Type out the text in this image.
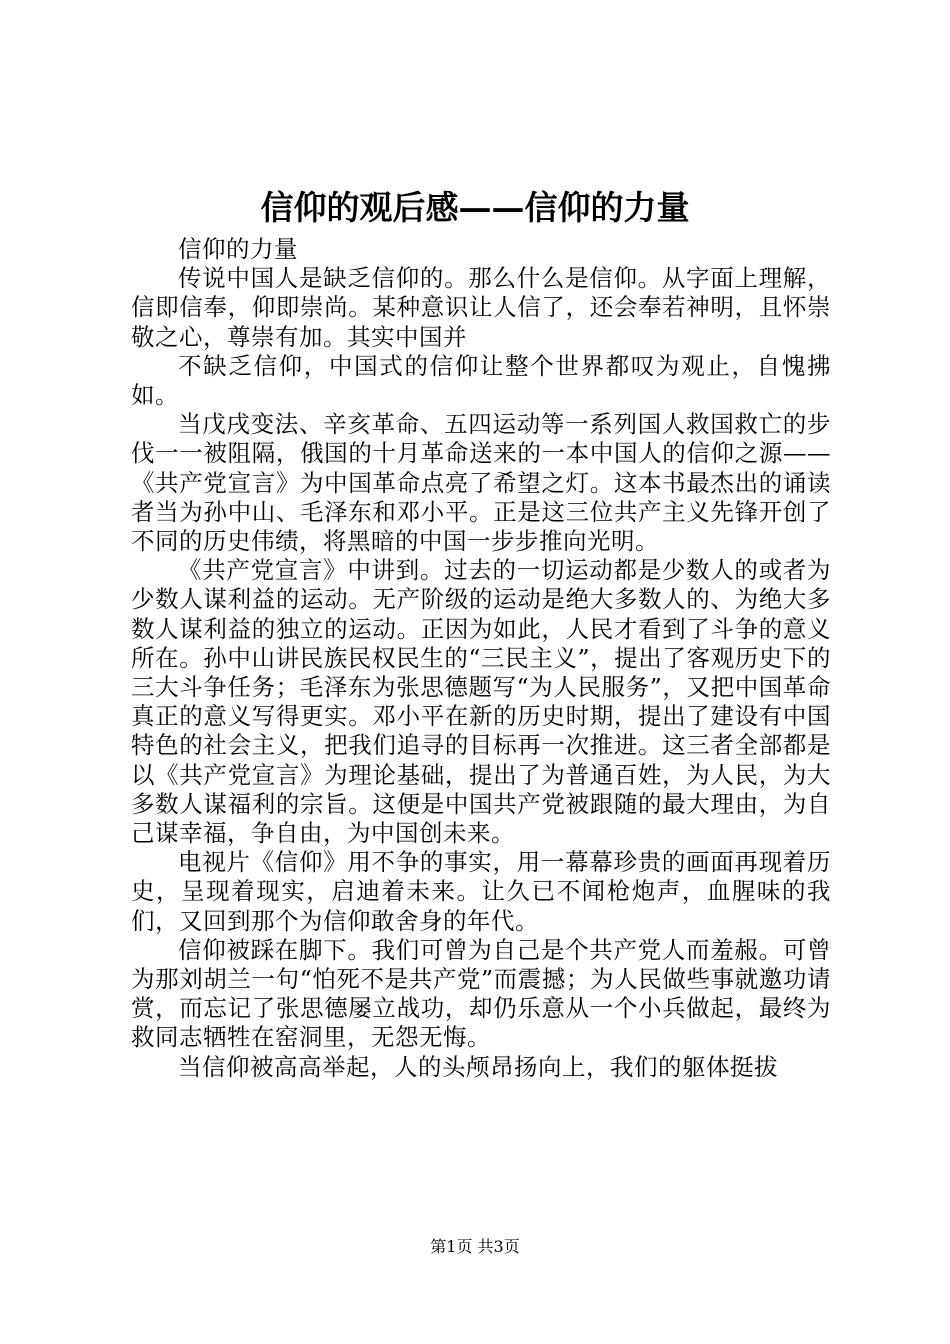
信仰的观后感——信仰的力量

信仰的力量

传说中国人是缺乏信仰的。那么什么是信仰。从字面上理解，信即信奉，仰即崇尚。某种意识让人信了，还会奉若神明，且怀崇敬之心，尊崇有加。其实中国并

不缺乏信仰，中国式的信仰让整个世界都叹为观止，自愧拂如。

当戊戌变法、辛亥革命、五四运动等一系列国人救国救亡的步伐一一被阻隔，俄国的十月革命送来的一本中国人的信仰之源——《共产党宣言》为中国革命点亮了希望之灯。这本书最杰出的诵读者当为孙中山、毛泽东和邓小平。正是这三位共产主义先锋开创了不同的历史伟绩，将黑暗的中国一步步推向光明。

《共产党宣言》中讲到。过去的一切运动都是少数人的或者为少数人谋利益的运动。无产阶级的运动是绝大多数人的、为绝大多数人谋利益的独立的运动。正因为如此，人民才看到了斗争的意义所在。孙中山讲民族民权民生的“三民主义”，提出了客观历史下的三大斗争任务；毛泽东为张思德题写“为人民服务”，又把中国革命真正的意义写得更实。邓小平在新的历史时期，提出了建设有中国特色的社会主义，把我们追寻的目标再一次推进。这三者全部都是以《共产党宣言》为理论基础，提出了为普通百姓，为人民，为大多数人谋福利的宗旨。这便是中国共产党被跟随的最大理由，为自己谋幸福，争自由，为中国创未来。

电视片《信仰》用不争的事实，用一幕幕珍贵的画面再现着历史，呈现着现实，启迪着未来。让久已不闻枪炮声，血腥味的我们，又回到那个为信仰敢舍身的年代。

信仰被踩在脚下。我们可曾为自己是个共产党人而羞赧。可曾为那刘胡兰一句“怕死不是共产党”而震撼；为人民做些事就邀功请赏，而忘记了张思德屡立战功，却仍乐意从一个小兵做起，最终为救同志牺牲在窑洞里，无怨无悔。

当信仰被高高举起，人的头颅昂扬向上，我们的躯体挺拔

第1页 共3页
